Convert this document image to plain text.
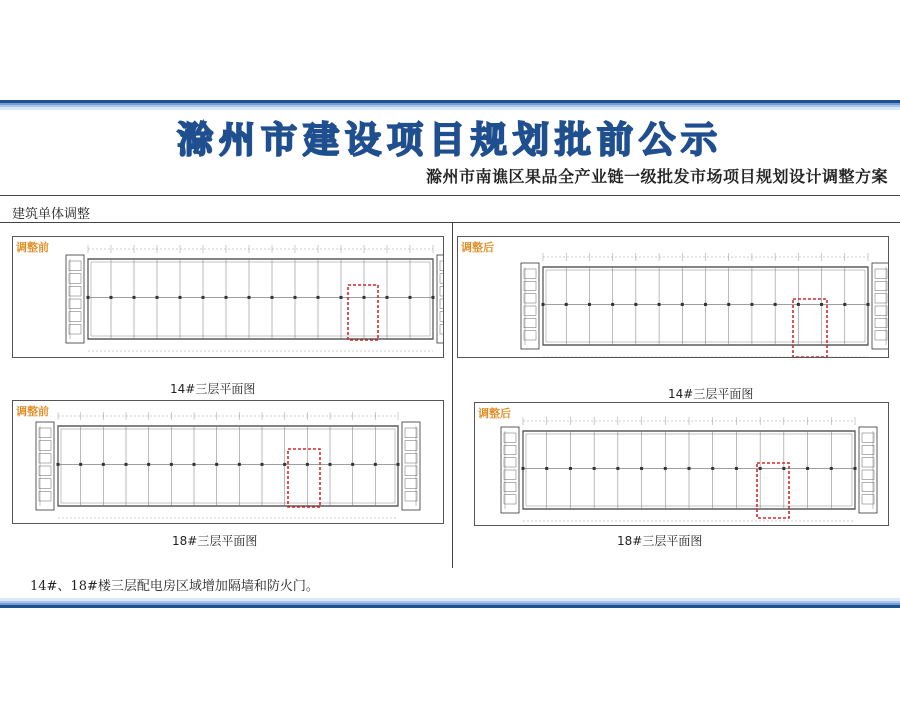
滁州市建设项目规划批前公示
滁州市南谯区果品全产业链一级批发市场项目规划设计调整方案
建筑单体调整
调整前
14#三层平面图
调整后
14#三层平面图
调整前
18#三层平面图
调整后
18#三层平面图
14#、18#楼三层配电房区域增加隔墙和防火门。
